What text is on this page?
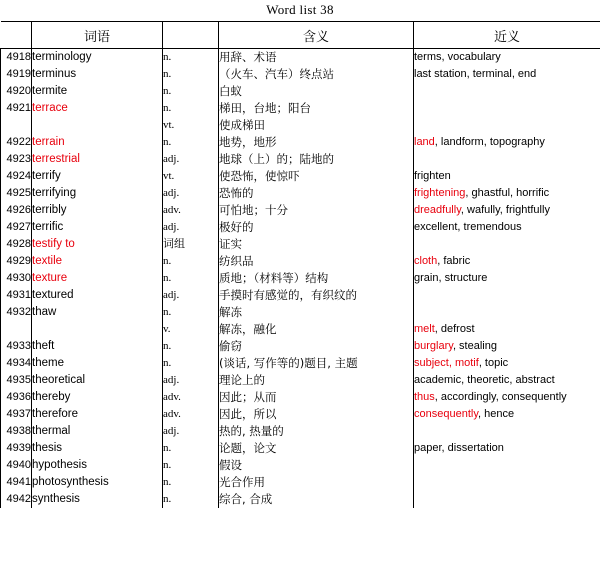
Word list 38
	词语		含义	近义
4918	terminology	n.	用辞、术语	terms, vocabulary
4919	terminus	n.	（火车、汽车）终点站	last station, terminal, end
4920	termite	n.	白蚁	
4921	terrace	n.	梯田，台地；阳台	
		vt.	使成梯田	
4922	terrain	n.	地势，地形	land, landform, topography
4923	terrestrial	adj.	地球（上）的；陆地的	
4924	terrify	vt.	使恐怖，使惊吓	frighten
4925	terrifying	adj.	恐怖的	frightening, ghastful, horrific
4926	terribly	adv.	可怕地；十分	dreadfully, wafully, frightfully
4927	terrific	adj.	极好的	excellent, tremendous
4928	testify to	词组	证实	
4929	textile	n.	纺织品	cloth, fabric
4930	texture	n.	质地；（材料等）结构	grain, structure
4931	textured	adj.	手摸时有感觉的，有织纹的	
4932	thaw	n.	解冻	
		v.	解冻，融化	melt, defrost
4933	theft	n.	偷窃	burglary, stealing
4934	theme	n.	(谈话, 写作等的)题目, 主题	subject, motif, topic
4935	theoretical	adj.	理论上的	academic, theoretic, abstract
4936	thereby	adv.	因此；从而	thus, accordingly, consequently
4937	therefore	adv.	因此，所以	consequently, hence
4938	thermal	adj.	热的, 热量的	
4939	thesis	n.	论题，论文	paper, dissertation
4940	hypothesis	n.	假设	
4941	photosynthesis	n.	光合作用	
4942	synthesis	n.	综合, 合成	
